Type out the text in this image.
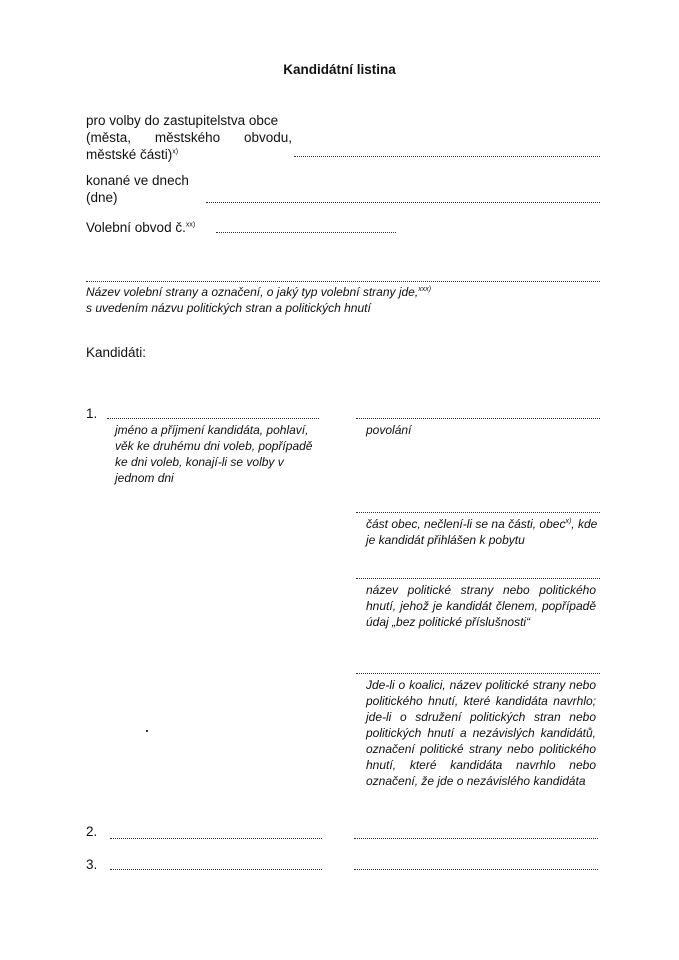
Kandidátní listina
pro volby do zastupitelstva obce
(města, městského obvodu,
městské části)$^{x)}$
konané ve dnech
(dne)
Volební obvod č.$^{xx)}$
Název volební strany a označení, o jaký typ volební strany jde,$^{xxx)}$
s uvedením názvu politických stran a politických hnutí
Kandidáti:
1.
jméno a příjmení kandidáta, pohlaví, věk ke druhému dni voleb, popřípadě ke dni voleb, konají-li se volby v jednom dni
povolání
část obec, nečlení-li se na části, obec$^{x)}$, kde je kandidát přihlášen k pobytu
název politické strany nebo politického hnutí, jehož je kandidát členem, popřípadě údaj „bez politické příslušnosti“
Jde-li o koalici, název politické strany nebo politického hnutí, které kandidáta navrhlo; jde-li o sdružení politických stran nebo politických hnutí a nezávislých kandidátů, označení politické strany nebo politického hnutí, které kandidáta navrhlo nebo označení, že jde o nezávislého kandidáta
2.
3.
